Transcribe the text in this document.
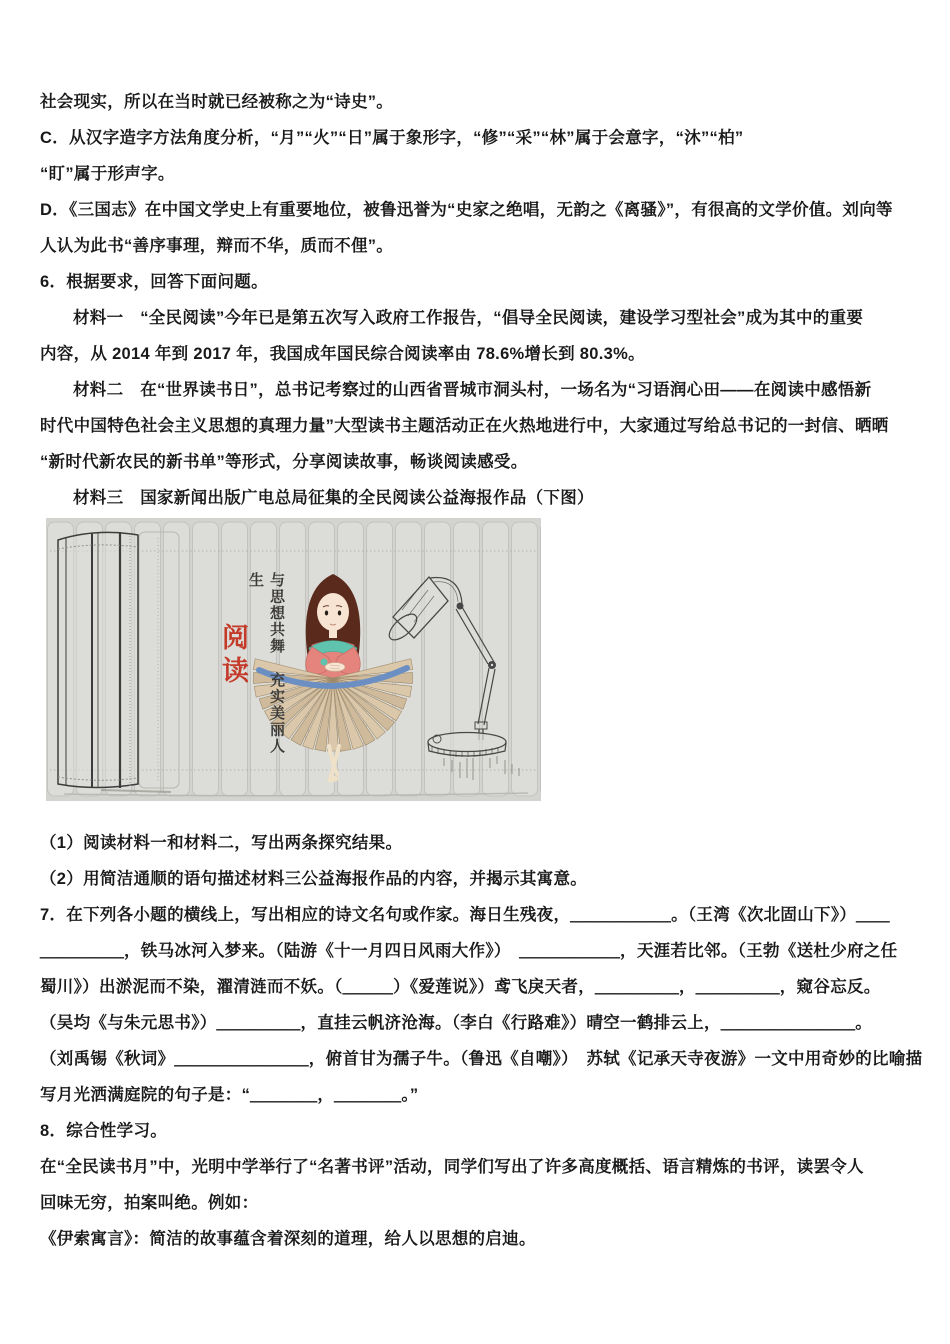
社会现实，所以在当时就已经被称之为“诗史”。
C．从汉字造字方法角度分析，“月”“火”“日”属于象形字，“修”“采”“林”属于会意字，“沐”“柏”
“盯”属于形声字。
D．《三国志》在中国文学史上有重要地位，被鲁迅誉为“史家之绝唱，无韵之《离骚》”，有很高的文学价值。刘向等
人认为此书“善序事理，辩而不华，质而不俚”。
6．根据要求，回答下面问题。
材料一　“全民阅读”今年已是第五次写入政府工作报告，“倡导全民阅读，建设学习型社会”成为其中的重要
内容，从 2014 年到 2017 年，我国成年国民综合阅读率由 78.6%增长到 80.3%。
材料二　在“世界读书日”，总书记考察过的山西省晋城市洞头村，一场名为“习语润心田——在阅读中感悟新
时代中国特色社会主义思想的真理力量”大型读书主题活动正在火热地进行中，大家通过写给总书记的一封信、晒晒
“新时代新农民的新书单”等形式，分享阅读故事，畅谈阅读感受。
材料三　国家新闻出版广电总局征集的全民阅读公益海报作品（下图）
阅读	与思想共舞 充实美丽人生
（1）阅读材料一和材料二，写出两条探究结果。
（2）用简洁通顺的语句描述材料三公益海报作品的内容，并揭示其寓意。
7．在下列各小题的横线上，写出相应的诗文名句或作家。海日生残夜，＿＿＿＿＿＿。（王湾《次北固山下》）＿＿
＿＿＿＿＿，铁马冰河入梦来。（陆游《十一月四日风雨大作》）　＿＿＿＿＿＿，天涯若比邻。（王勃《送杜少府之任
蜀川》）出淤泥而不染，濯清涟而不妖。（＿＿＿）《爱莲说》）鸢飞戾天者，＿＿＿＿＿，＿＿＿＿＿，窥谷忘反。
（吴均《与朱元思书》）＿＿＿＿＿，直挂云帆济沧海。（李白《行路难》）晴空一鹤排云上，＿＿＿＿＿＿＿＿。
（刘禹锡《秋词》＿＿＿＿＿＿＿＿，俯首甘为孺子牛。（鲁迅《自嘲》）　苏轼《记承天寺夜游》一文中用奇妙的比喻描
写月光洒满庭院的句子是：“＿＿＿＿，＿＿＿＿。”
8．综合性学习。
在“全民读书月”中，光明中学举行了“名著书评”活动，同学们写出了许多高度概括、语言精炼的书评，读罢令人
回味无穷，拍案叫绝。例如：
《伊索寓言》：简洁的故事蕴含着深刻的道理，给人以思想的启迪。
